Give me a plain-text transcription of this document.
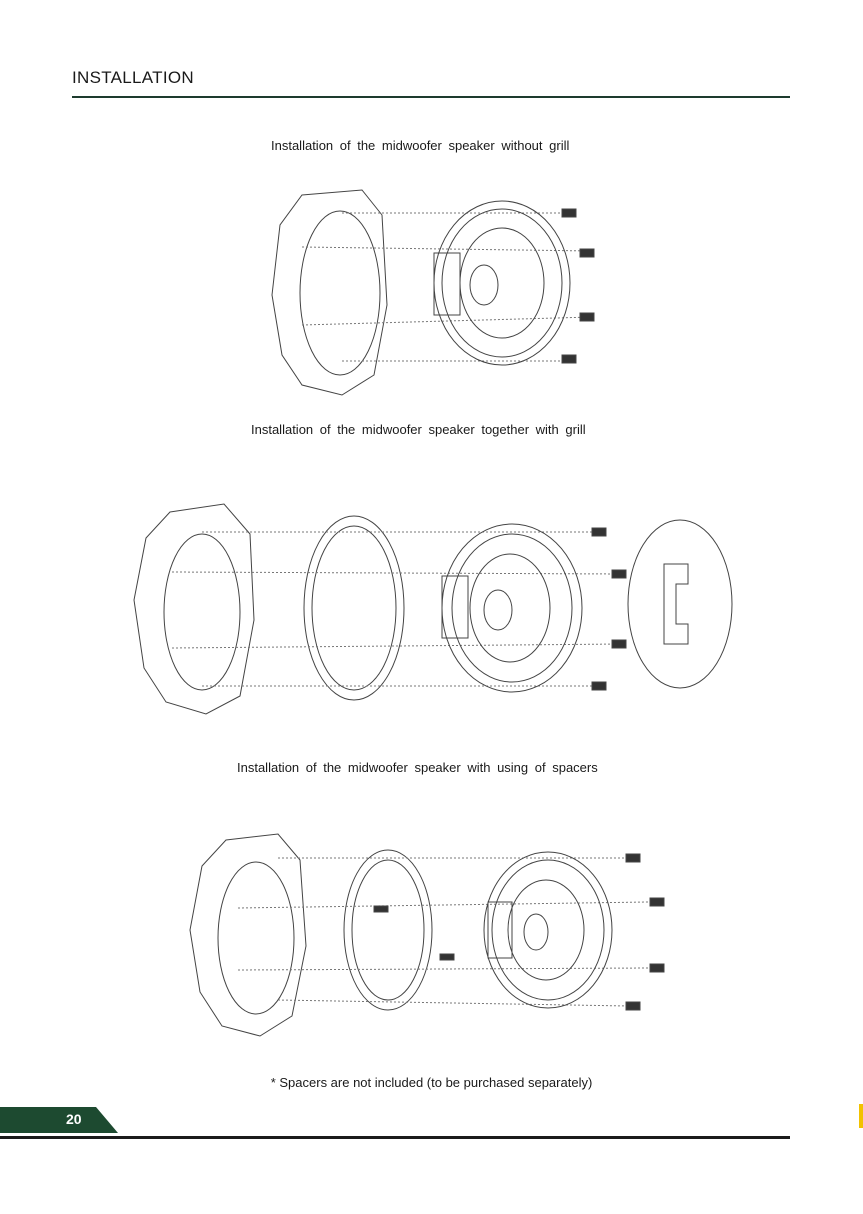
INSTALLATION
Installation of the midwoofer speaker without grill
Installation of the midwoofer speaker together with grill
Installation of the midwoofer speaker with using of spacers
* Spacers are not included (to be purchased separately)
20
